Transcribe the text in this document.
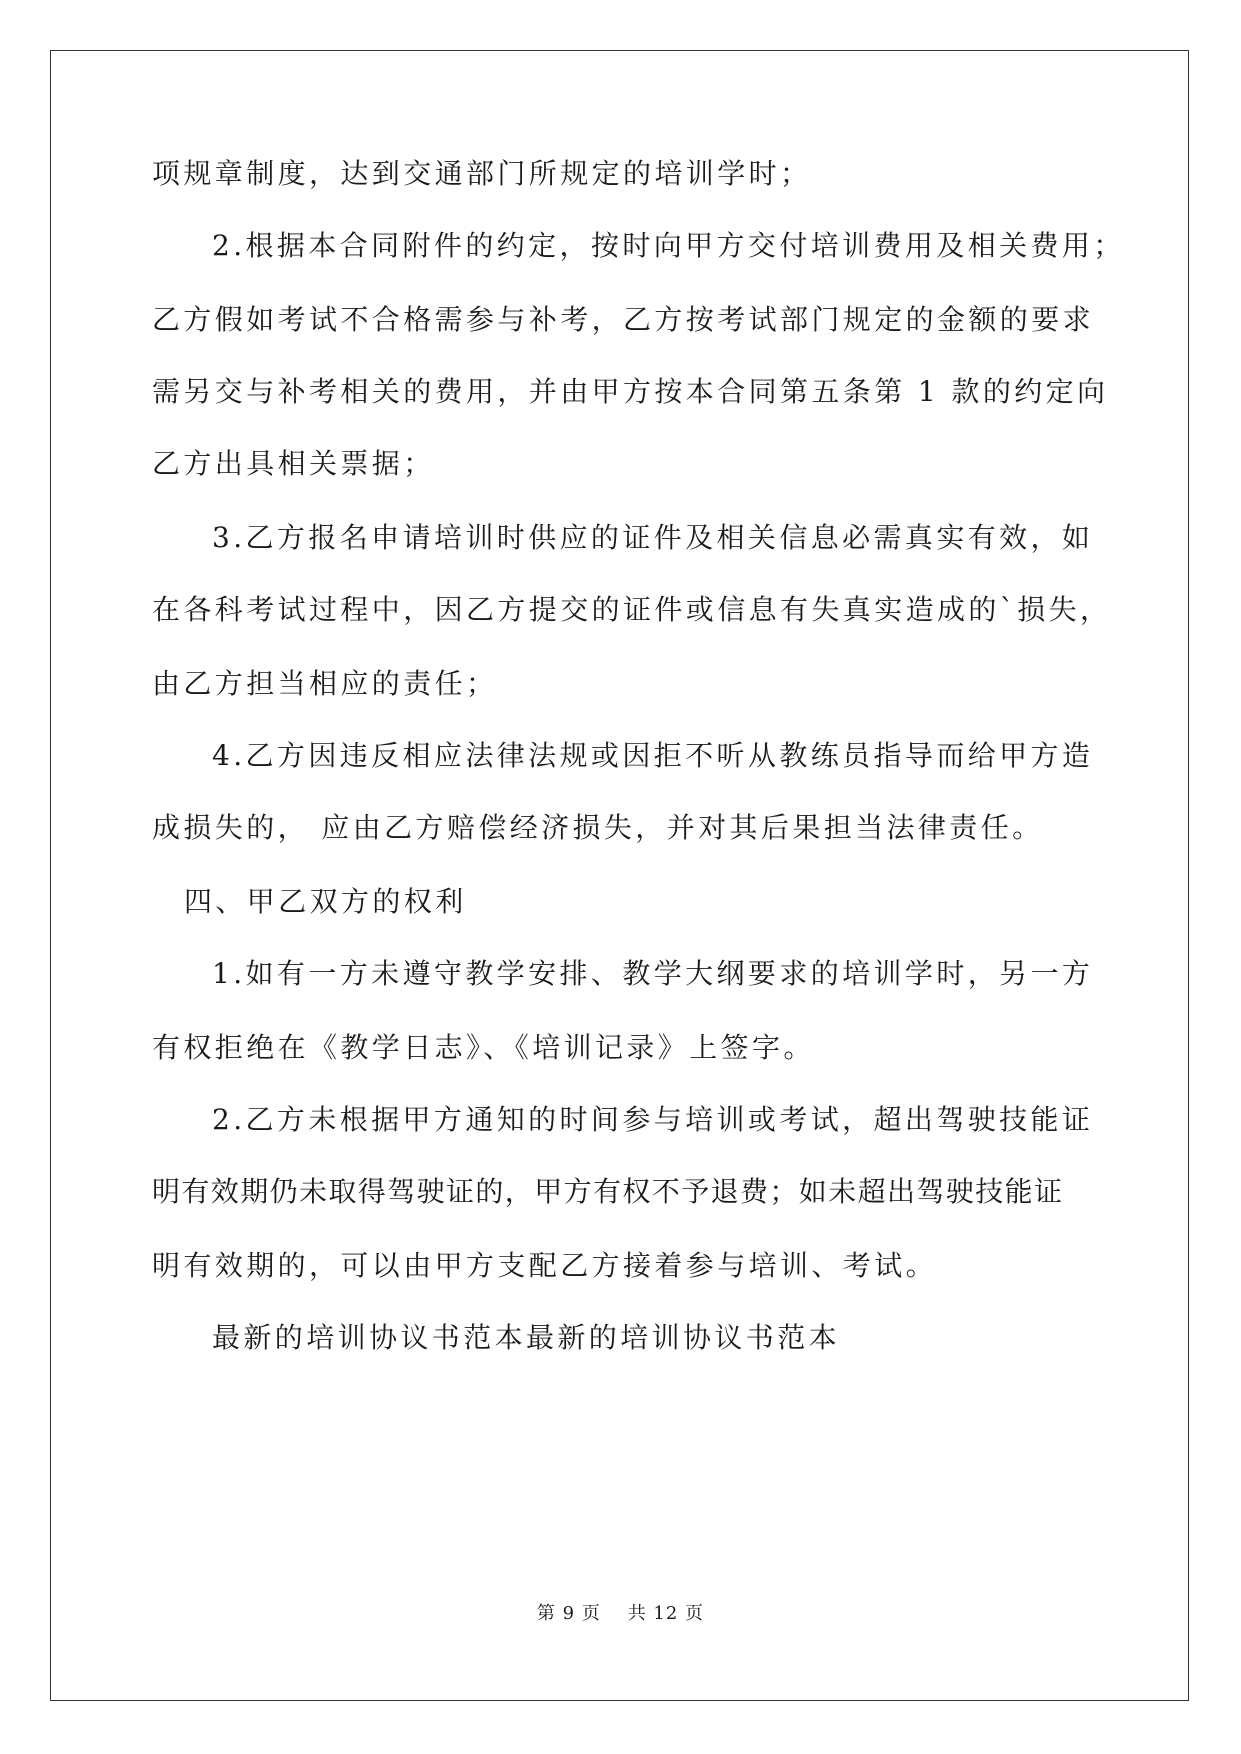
项规章制度，达到交通部门所规定的培训学时；
2.根据本合同附件的约定，按时向甲方交付培训费用及相关费用；
乙方假如考试不合格需参与补考，乙方按考试部门规定的金额的要求
需另交与补考相关的费用，并由甲方按本合同第五条第 1 款的约定向
乙方出具相关票据；
3.乙方报名申请培训时供应的证件及相关信息必需真实有效，如
在各科考试过程中，因乙方提交的证件或信息有失真实造成的`损失，
由乙方担当相应的责任；
4.乙方因违反相应法律法规或因拒不听从教练员指导而给甲方造
成损失的， 应由乙方赔偿经济损失，并对其后果担当法律责任。
四、甲乙双方的权利
1.如有一方未遵守教学安排、教学大纲要求的培训学时，另一方
有权拒绝在《教学日志》、《培训记录》上签字。
2.乙方未根据甲方通知的时间参与培训或考试，超出驾驶技能证
明有效期仍未取得驾驶证的，甲方有权不予退费；如未超出驾驶技能证
明有效期的，可以由甲方支配乙方接着参与培训、考试。
最新的培训协议书范本最新的培训协议书范本
第 9 页    共 12 页
